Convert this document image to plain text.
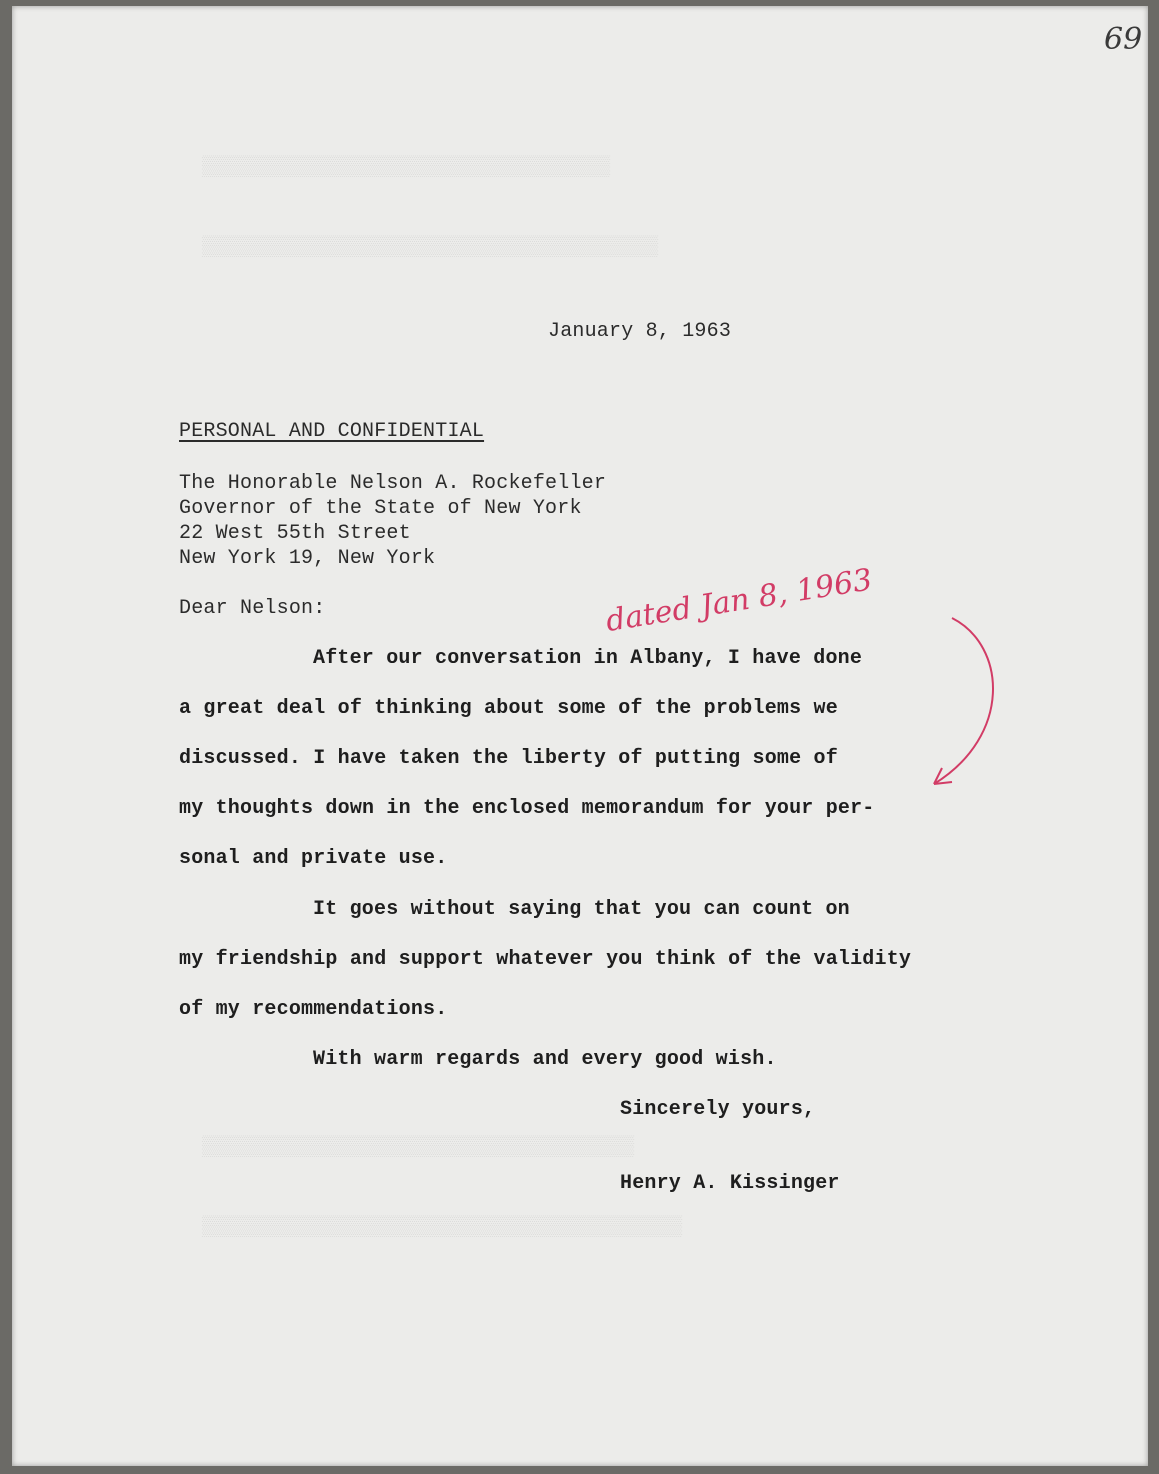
▒▒▒▒▒▒▒▒▒▒▒▒▒▒▒▒▒▒▒▒▒▒▒▒▒▒▒▒▒▒▒▒▒▒
▒▒▒▒▒▒▒▒▒▒▒▒▒▒▒▒▒▒▒▒▒▒▒▒▒▒▒▒▒▒▒▒▒▒▒▒▒▒
▒▒▒▒▒▒▒▒▒▒▒▒▒▒▒▒▒▒▒▒▒▒▒▒▒▒▒▒▒▒▒▒▒▒▒▒
▒▒▒▒▒▒▒▒▒▒▒▒▒▒▒▒▒▒▒▒▒▒▒▒▒▒▒▒▒▒▒▒▒▒▒▒▒▒▒▒
69
January 8, 1963
PERSONAL AND CONFIDENTIAL
The Honorable Nelson A. Rockefeller
Governor of the State of New York
22 West 55th Street
New York 19, New York
Dear Nelson:
After our conversation in Albany, I have done
a great deal of thinking about some of the problems we
discussed. I have taken the liberty of putting some of
my thoughts down in the enclosed memorandum for your per-
sonal and private use.
It goes without saying that you can count on
my friendship and support whatever you think of the validity
of my recommendations.
With warm regards and every good wish.
Sincerely yours,
Henry A. Kissinger
dated Jan 8, 1963
